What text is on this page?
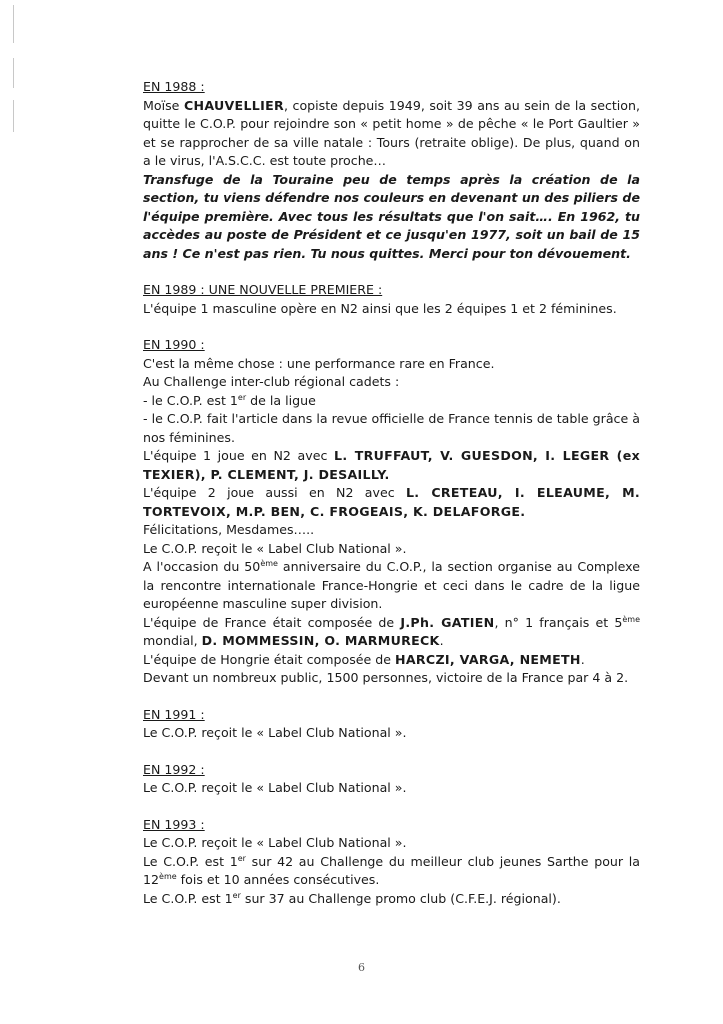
EN 1988 :

Moïse CHAUVELLIER, copiste depuis 1949, soit 39 ans au sein de la section, quitte le C.O.P. pour rejoindre son « petit home » de pêche « le Port Gaultier » et se rapprocher de sa ville natale : Tours (retraite oblige). De plus, quand on a le virus, l'A.S.C.C. est toute proche…

Transfuge de la Touraine peu de temps après la création de la section, tu viens défendre nos couleurs en devenant un des piliers de l'équipe première. Avec tous les résultats que l'on sait…. En 1962, tu accèdes au poste de Président et ce jusqu'en 1977, soit un bail de 15 ans ! Ce n'est pas rien. Tu nous quittes. Merci pour ton dévouement.

EN 1989 : UNE NOUVELLE PREMIERE :

L'équipe 1 masculine opère en N2 ainsi que les 2 équipes 1 et 2 féminines.

EN 1990 :

C'est la même chose : une performance rare en France.

Au Challenge inter-club régional cadets :

- le C.O.P. est 1er de la ligue

- le C.O.P. fait l'article dans la revue officielle de France tennis de table grâce à nos féminines.

L'équipe 1 joue en N2 avec L. TRUFFAUT, V. GUESDON, I. LEGER (ex TEXIER), P. CLEMENT, J. DESAILLY.

L'équipe 2 joue aussi en N2 avec L. CRETEAU, I. ELEAUME, M. TORTEVOIX, M.P. BEN, C. FROGEAIS, K. DELAFORGE.

Félicitations, Mesdames…..

Le C.O.P. reçoit le « Label Club National ».

A l'occasion du 50ème anniversaire du C.O.P., la section organise au Complexe la rencontre internationale France-Hongrie et ceci dans le cadre de la ligue européenne masculine super division.

L'équipe de France était composée de J.Ph. GATIEN, n° 1 français et 5ème mondial, D. MOMMESSIN, O. MARMURECK.

L'équipe de Hongrie était composée de HARCZI, VARGA, NEMETH.

Devant un nombreux public, 1500 personnes, victoire de la France par 4 à 2.

EN 1991 :

Le C.O.P. reçoit le « Label Club National ».

EN 1992 :

Le C.O.P. reçoit le « Label Club National ».

EN 1993 :

Le C.O.P. reçoit le « Label Club National ».

Le C.O.P. est 1er sur 42 au Challenge du meilleur club jeunes Sarthe pour la 12ème fois et 10 années consécutives.

Le C.O.P. est 1er sur 37 au Challenge promo club (C.F.E.J. régional).

6
